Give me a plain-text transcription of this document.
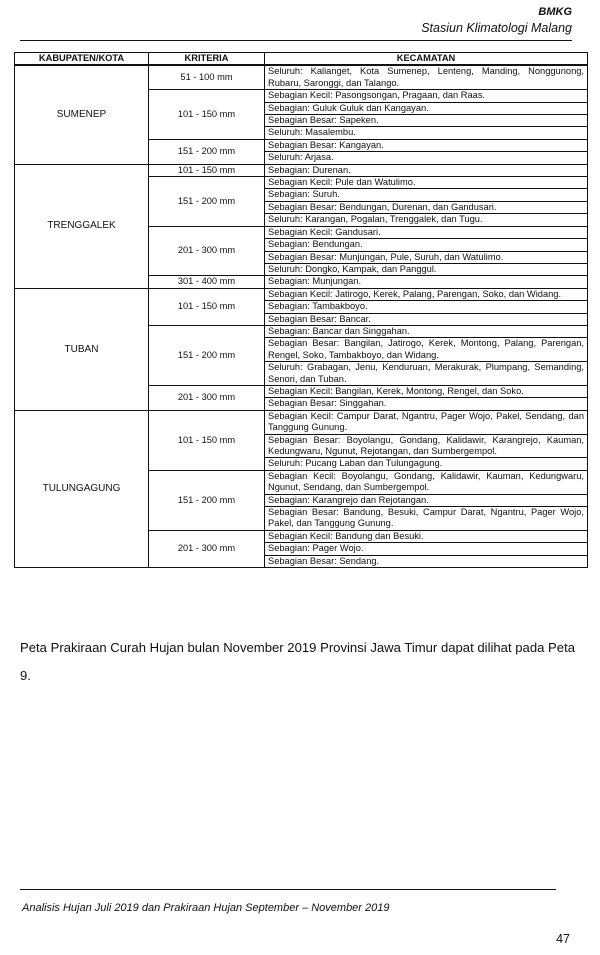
BMKG
Stasiun Klimatologi Malang
KABUPATEN/KOTA	KRITERIA	KECAMATAN
SUMENEP	51 - 100 mm	Seluruh: Kalianget, Kota Sumenep, Lenteng, Manding, Nonggunong, Rubaru, Saronggi, dan Talango.
	101 - 150 mm	Sebagian Kecil: Pasongsongan, Pragaan, dan Raas.
		Sebagian: Guluk Guluk dan Kangayan.
		Sebagian Besar: Sapeken.
		Seluruh: Masalembu.
	151 - 200 mm	Sebagian Besar: Kangayan.
		Seluruh: Arjasa.
TRENGGALEK	101 - 150 mm	Sebagian: Durenan.
	151 - 200 mm	Sebagian Kecil: Pule dan Watulimo.
		Sebagian: Suruh.
		Sebagian Besar: Bendungan, Durenan, dan Gandusari.
		Seluruh: Karangan, Pogalan, Trenggalek, dan Tugu.
	201 - 300 mm	Sebagian Kecil: Gandusari.
		Sebagian: Bendungan.
		Sebagian Besar: Munjungan, Pule, Suruh, dan Watulimo.
		Seluruh: Dongko, Kampak, dan Panggul.
	301 - 400 mm	Sebagian: Munjungan.
TUBAN	101 - 150 mm	Sebagian Kecil: Jatirogo, Kerek, Palang, Parengan, Soko, dan Widang.
		Sebagian: Tambakboyo.
		Sebagian Besar: Bancar.
	151 - 200 mm	Sebagian: Bancar dan Singgahan.
		Sebagian Besar: Bangilan, Jatirogo, Kerek, Montong, Palang, Parengan, Rengel, Soko, Tambakboyo, dan Widang.
		Seluruh: Grabagan, Jenu, Kenduruan, Merakurak, Plumpang, Semanding, Senori, dan Tuban.
	201 - 300 mm	Sebagian Kecil: Bangilan, Kerek, Montong, Rengel, dan Soko.
		Sebagian Besar: Singgahan.
TULUNGAGUNG	101 - 150 mm	Sebagian Kecil: Campur Darat, Ngantru, Pager Wojo, Pakel, Sendang, dan Tanggung Gunung.
		Sebagian Besar: Boyolangu, Gondang, Kalidawir, Karangrejo, Kauman, Kedungwaru, Ngunut, Rejotangan, dan Sumbergempol.
		Seluruh: Pucang Laban dan Tulungagung.
	151 - 200 mm	Sebagian Kecil: Boyolangu, Gondang, Kalidawir, Kauman, Kedungwaru, Ngunut, Sendang, dan Sumbergempol.
		Sebagian: Karangrejo dan Rejotangan.
		Sebagian Besar: Bandung, Besuki, Campur Darat, Ngantru, Pager Wojo, Pakel, dan Tanggung Gunung.
	201 - 300 mm	Sebagian Kecil: Bandung dan Besuki.
		Sebagian: Pager Wojo.
		Sebagian Besar: Sendang.
Peta Prakiraan Curah Hujan bulan November 2019 Provinsi Jawa Timur dapat dilihat pada Peta 9.
Analisis Hujan Juli 2019 dan Prakiraan Hujan September – November 2019
47
